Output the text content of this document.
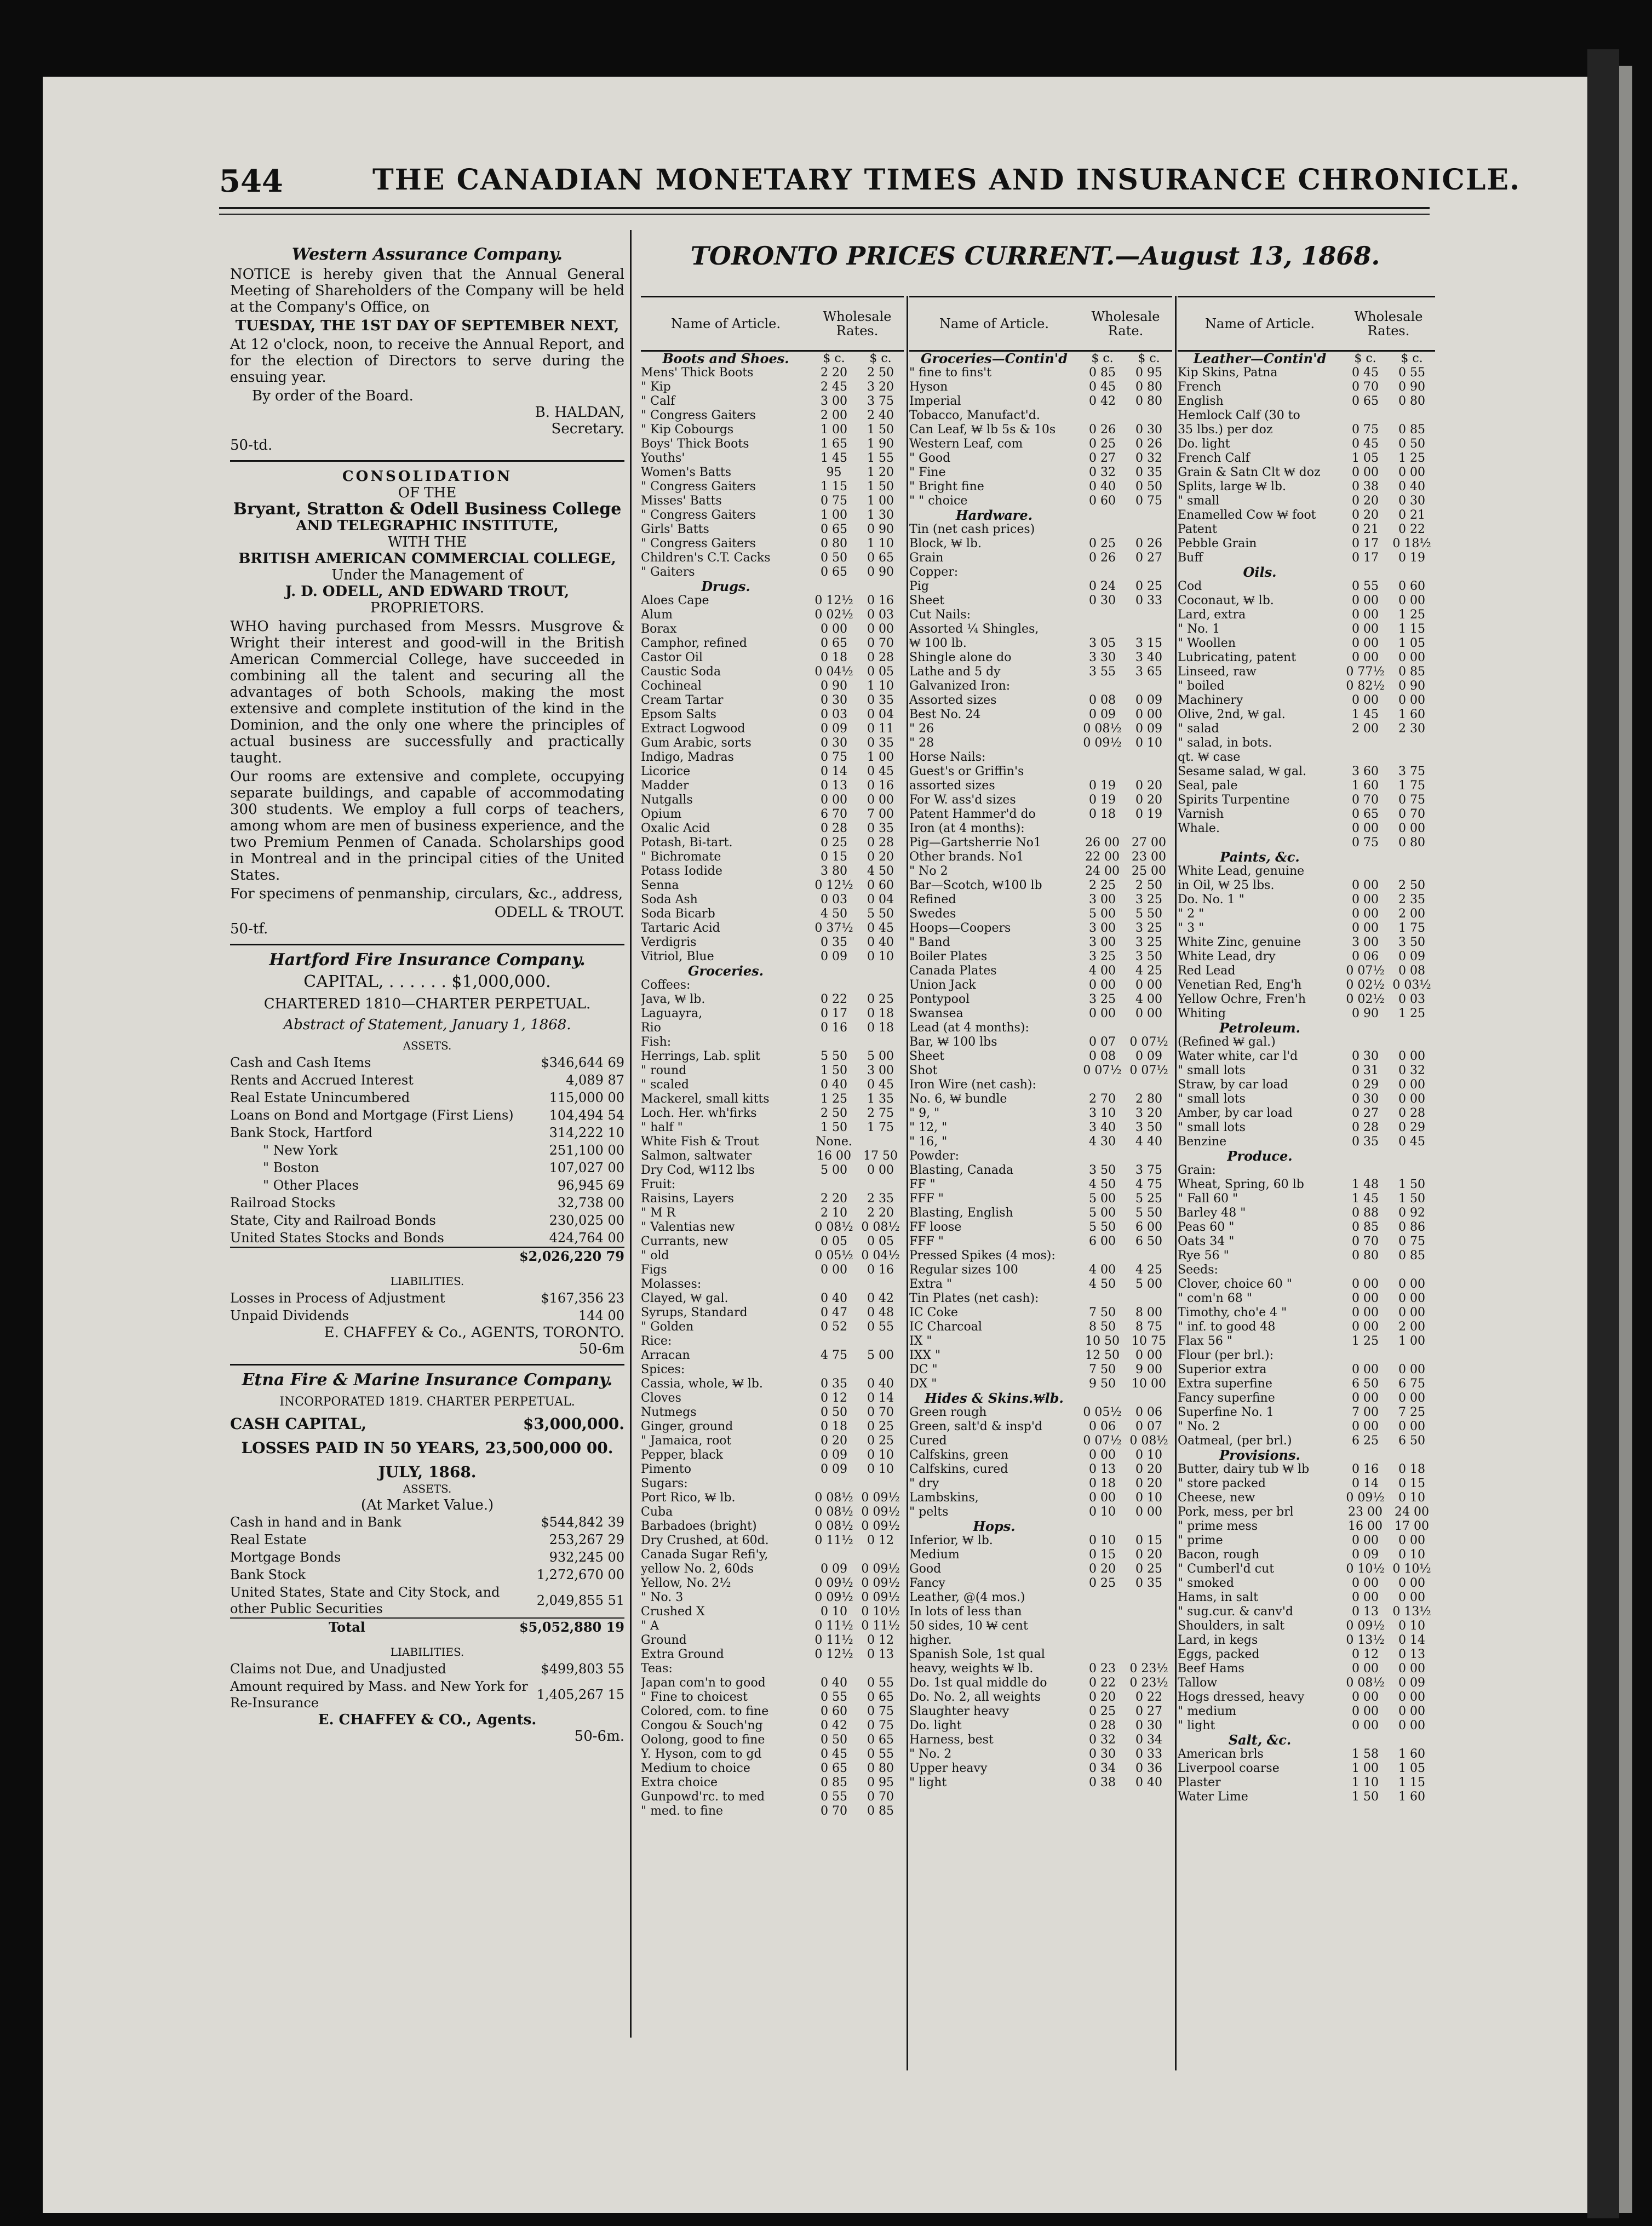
544	THE CANADIAN MONETARY TIMES AND INSURANCE CHRONICLE.
Western Assurance Company.

NOTICE is hereby given that the Annual General Meeting of Shareholders of the Company will be held at the Company's Office, on

TUESDAY, THE 1ST DAY OF SEPTEMBER NEXT,

At 12 o'clock, noon, to receive the Annual Report, and for the election of Directors to serve during the ensuing year.

By order of the Board.
B. HALDAN,
Secretary.
50-td.
CONSOLIDATION
OF THE
Bryant, Stratton & Odell Business College
AND TELEGRAPHIC INSTITUTE,
WITH THE
BRITISH AMERICAN COMMERCIAL COLLEGE,
Under the Management of
J. D. ODELL, AND EDWARD TROUT,
PROPRIETORS.

WHO having purchased from Messrs. Musgrove & Wright their interest and good-will in the British American Commercial College, have succeeded in combining all the talent and securing all the advantages of both Schools, making the most extensive and complete institution of the kind in the Dominion, and the only one where the principles of actual business are successfully and practically taught.

Our rooms are extensive and complete, occupying separate buildings, and capable of accommodating 300 students. We employ a full corps of teachers, among whom are men of business experience, and the two Premium Penmen of Canada. Scholarships good in Montreal and in the principal cities of the United States.

For specimens of penmanship, circulars, &c., address,

ODELL & TROUT.
50-tf.
Hartford Fire Insurance Company.
CAPITAL, . . . . . . $1,000,000.
CHARTERED 1810—CHARTER PERPETUAL.
Abstract of Statement, January 1, 1868.
ASSETS.
Cash and Cash Items	$346,644 69
Rents and Accrued Interest	4,089 87
Real Estate Unincumbered	115,000 00
Loans on Bond and Mortgage (First Liens)	104,494 54
Bank Stock, Hartford	314,222 10
" New York	251,100 00
" Boston	107,027 00
" Other Places	96,945 69
Railroad Stocks	32,738 00
State, City and Railroad Bonds	230,025 00
United States Stocks and Bonds	424,764 00
	$2,026,220 79
LIABILITIES.
Losses in Process of Adjustment	$167,356 23
Unpaid Dividends	144 00
E. CHAFFEY & Co., AGENTS, TORONTO.
50-6m
Etna Fire & Marine Insurance Company.
INCORPORATED 1819. CHARTER PERPETUAL.
CASH CAPITAL,	$3,000,000.
LOSSES PAID IN 50 YEARS, 23,500,000 00.
JULY, 1868.
ASSETS.
(At Market Value.)
Cash in hand and in Bank	$544,842 39
Real Estate	253,267 29
Mortgage Bonds	932,245 00
Bank Stock	1,272,670 00
United States, State and City Stock, and other Public Securities	2,049,855 51
Total	$5,052,880 19
LIABILITIES.
Claims not Due, and Unadjusted	$499,803 55
Amount required by Mass. and New York for Re-Insurance	1,405,267 15
E. CHAFFEY & CO., Agents.
50-6m.
TORONTO PRICES CURRENT.—August 13, 1868.
Name of Article.	Wholesale Rates.
Boots and Shoes.	$ c.	$ c.
Mens' Thick Boots	2 20	2 50
" Kip	2 45	3 20
" Calf	3 00	3 75
" Congress Gaiters	2 00	2 40
" Kip Cobourgs	1 00	1 50
Boys' Thick Boots	1 65	1 90
Youths'	1 45	1 55
Women's Batts	95	1 20
" Congress Gaiters	1 15	1 50
Misses' Batts	0 75	1 00
" Congress Gaiters	1 00	1 30
Girls' Batts	0 65	0 90
" Congress Gaiters	0 80	1 10
Children's C.T. Cacks	0 50	0 65
" Gaiters	0 65	0 90
Drugs.
Aloes Cape	0 12½	0 16
Alum	0 02½	0 03
Borax	0 00	0 00
Camphor, refined	0 65	0 70
Castor Oil	0 18	0 28
Caustic Soda	0 04½	0 05
Cochineal	0 90	1 10
Cream Tartar	0 30	0 35
Epsom Salts	0 03	0 04
Extract Logwood	0 09	0 11
Gum Arabic, sorts	0 30	0 35
Indigo, Madras	0 75	1 00
Licorice	0 14	0 45
Madder	0 13	0 16
Nutgalls	0 00	0 00
Opium	6 70	7 00
Oxalic Acid	0 28	0 35
Potash, Bi-tart.	0 25	0 28
" Bichromate	0 15	0 20
Potass Iodide	3 80	4 50
Senna	0 12½	0 60
Soda Ash	0 03	0 04
Soda Bicarb	4 50	5 50
Tartaric Acid	0 37½	0 45
Verdigris	0 35	0 40
Vitriol, Blue	0 09	0 10
Groceries.
Coffees:
Java, ₩ lb.	0 22	0 25
Laguayra,	0 17	0 18
Rio	0 16	0 18
Fish:
Herrings, Lab. split	5 50	5 00
" round	1 50	3 00
" scaled	0 40	0 45
Mackerel, small kitts	1 25	1 35
Loch. Her. wh'firks	2 50	2 75
" half "	1 50	1 75
White Fish & Trout	None.
Salmon, saltwater	16 00	17 50
Dry Cod, ₩112 lbs	5 00	0 00
Fruit:
Raisins, Layers	2 20	2 35
" M R	2 10	2 20
" Valentias new	0 08½ 0 08½
Currants, new	0 05	0 05
" old	0 05½ 0 04½
Figs	0 00	0 16
Molasses:
Clayed, ₩ gal.	0 40	0 42
Syrups, Standard	0 47	0 48
" Golden	0 52	0 55
Rice:
Arracan	4 75	5 00
Spices:
Cassia, whole, ₩ lb.	0 35	0 40
Cloves	0 12	0 14
Nutmegs	0 50	0 70
Ginger, ground	0 18	0 25
" Jamaica, root	0 20	0 25
Pepper, black	0 09	0 10
Pimento	0 09	0 10
Sugars:
Port Rico, ₩ lb.	0 08½ 0 09½
Cuba	0 08½ 0 09½
Barbadoes (bright)	0 08½ 0 09½
Dry Crushed, at 60d.	0 11½	0 12
Canada Sugar Refi'y,
yellow No. 2, 60ds	0 09	0 09½
Yellow, No. 2½	0 09½ 0 09½
" No. 3	0 09½ 0 09½
Crushed X	0 10	0 10½
" A	0 11½ 0 11½
Ground	0 11½	0 12
Extra Ground	0 12½	0 13
Teas:
Japan com'n to good	0 40	0 55
" Fine to choicest	0 55	0 65
Colored, com. to fine	0 60	0 75
Congou & Souch'ng	0 42	0 75
Oolong, good to fine	0 50	0 65
Y. Hyson, com to gd	0 45	0 55
Medium to choice	0 65	0 80
Extra choice	0 85	0 95
Gunpowd'rc. to med	0 55	0 70
" med. to fine	0 70	0 85
Name of Article.	Wholesale Rate.
Groceries—Contin'd	$ c.	$ c.
" fine to fins't	0 85	0 95
Hyson	0 45	0 80
Imperial	0 42	0 80
Tobacco, Manufact'd.
Can Leaf, ₩ lb 5s & 10s	0 26	0 30
Western Leaf, com	0 25	0 26
" Good	0 27	0 32
" Fine	0 32	0 35
" Bright fine	0 40	0 50
" " choice	0 60	0 75
Hardware.
Tin (net cash prices)
Block, ₩ lb.	0 25	0 26
Grain	0 26	0 27
Copper:
Pig	0 24	0 25
Sheet	0 30	0 33
Cut Nails:
Assorted ¼ Shingles,
₩ 100 lb.	3 05	3 15
Shingle alone do	3 30	3 40
Lathe and 5 dy	3 55	3 65
Galvanized Iron:
Assorted sizes	0 08	0 09
Best No. 24	0 09	0 00
" 26	0 08½	0 09
" 28	0 09½	0 10
Horse Nails:
Guest's or Griffin's
assorted sizes	0 19	0 20
For W. ass'd sizes	0 19	0 20
Patent Hammer'd do	0 18	0 19
Iron (at 4 months):
Pig—Gartsherrie No1	26 00	27 00
Other brands. No1	22 00	23 00
" No 2	24 00	25 00
Bar—Scotch, ₩100 lb	2 25	2 50
Refined	3 00	3 25
Swedes	5 00	5 50
Hoops—Coopers	3 00	3 25
" Band	3 00	3 25
Boiler Plates	3 25	3 50
Canada Plates	4 00	4 25
Union Jack	0 00	0 00
Pontypool	3 25	4 00
Swansea	0 00	0 00
Lead (at 4 months):
Bar, ₩ 100 lbs	0 07	0 07½
Sheet	0 08	0 09
Shot	0 07½ 0 07½
Iron Wire (net cash):
No. 6, ₩ bundle	2 70	2 80
" 9, "	3 10	3 20
" 12, "	3 40	3 50
" 16, "	4 30	4 40
Powder:
Blasting, Canada	3 50	3 75
FF "	4 50	4 75
FFF "	5 00	5 25
Blasting, English	5 00	5 50
FF loose	5 50	6 00
FFF "	6 00	6 50
Pressed Spikes (4 mos):
Regular sizes 100	4 00	4 25
Extra "	4 50	5 00
Tin Plates (net cash):
IC Coke	7 50	8 00
IC Charcoal	8 50	8 75
IX "	10 50	10 75
IXX "	12 50	0 00
DC "	7 50	9 00
DX "	9 50	10 00
Hides & Skins.₩lb.
Green rough	0 05½	0 06
Green, salt'd & insp'd	0 06	0 07
Cured	0 07½ 0 08½
Calfskins, green	0 00	0 10
Calfskins, cured	0 13	0 20
" dry	0 18	0 20
Lambskins,	0 00	0 10
" pelts	0 10	0 00
Hops.
Inferior, ₩ lb.	0 10	0 15
Medium	0 15	0 20
Good	0 20	0 25
Fancy	0 25	0 35
Leather, @(4 mos.)
In lots of less than
50 sides, 10 ₩ cent
higher.
Spanish Sole, 1st qual
heavy, weights ₩ lb.	0 23	0 23½
Do. 1st qual middle do	0 22	0 23½
Do. No. 2, all weights	0 20	0 22
Slaughter heavy	0 25	0 27
Do. light	0 28	0 30
Harness, best	0 32	0 34
" No. 2	0 30	0 33
Upper heavy	0 34	0 36
" light	0 38	0 40
Name of Article.	Wholesale Rates.
Leather—Contin'd	$ c.	$ c.
Kip Skins, Patna	0 45	0 55
French	0 70	0 90
English	0 65	0 80
Hemlock Calf (30 to
35 lbs.) per doz	0 75	0 85
Do. light	0 45	0 50
French Calf	1 05	1 25
Grain & Satn Clt ₩ doz	0 00	0 00
Splits, large ₩ lb.	0 38	0 40
" small	0 20	0 30
Enamelled Cow ₩ foot	0 20	0 21
Patent	0 21	0 22
Pebble Grain	0 17	0 18½
Buff	0 17	0 19
Oils.
Cod	0 55	0 60
Coconaut, ₩ lb.	0 00	0 00
Lard, extra	0 00	1 25
" No. 1	0 00	1 15
" Woollen	0 00	1 05
Lubricating, patent	0 00	0 00
Linseed, raw	0 77½	0 85
" boiled	0 82½	0 90
Machinery	0 00	0 00
Olive, 2nd, ₩ gal.	1 45	1 60
" salad	2 00	2 30
" salad, in bots.
qt. ₩ case
Sesame salad, ₩ gal.	3 60	3 75
Seal, pale	1 60	1 75
Spirits Turpentine	0 70	0 75
Varnish	0 65	0 70
Whale.	0 00	0 00
0 75	0 80
Paints, &c.
White Lead, genuine
in Oil, ₩ 25 lbs.	0 00	2 50
Do. No. 1 "	0 00	2 35
" 2 "	0 00	2 00
" 3 "	0 00	1 75
White Zinc, genuine	3 00	3 50
White Lead, dry	0 06	0 09
Red Lead	0 07½	0 08
Venetian Red, Eng'h	0 02½ 0 03½
Yellow Ochre, Fren'h	0 02½	0 03
Whiting	0 90	1 25
Petroleum.
(Refined ₩ gal.)
Water white, car l'd	0 30	0 00
" small lots	0 31	0 32
Straw, by car load	0 29	0 00
" small lots	0 30	0 00
Amber, by car load	0 27	0 28
" small lots	0 28	0 29
Benzine	0 35	0 45
Produce.
Grain:
Wheat, Spring, 60 lb	1 48	1 50
" Fall 60 "	1 45	1 50
Barley 48 "	0 88	0 92
Peas 60 "	0 85	0 86
Oats 34 "	0 70	0 75
Rye 56 "	0 80	0 85
Seeds:
Clover, choice 60 "	0 00	0 00
" com'n 68 "	0 00	0 00
Timothy, cho'e 4 "	0 00	0 00
" inf. to good 48	0 00	2 00
Flax 56 "	1 25	1 00
Flour (per brl.):
Superior extra	0 00	0 00
Extra superfine	6 50	6 75
Fancy superfine	0 00	0 00
Superfine No. 1	7 00	7 25
" No. 2	0 00	0 00
Oatmeal, (per brl.)	6 25	6 50
Provisions.
Butter, dairy tub ₩ lb	0 16	0 18
" store packed	0 14	0 15
Cheese, new	0 09½	0 10
Pork, mess, per brl	23 00	24 00
" prime mess	16 00	17 00
" prime	0 00	0 00
Bacon, rough	0 09	0 10
" Cumberl'd cut	0 10½ 0 10½
" smoked	0 00	0 00
Hams, in salt	0 00	0 00
" sug.cur. & canv'd	0 13	0 13½
Shoulders, in salt	0 09½	0 10
Lard, in kegs	0 13½	0 14
Eggs, packed	0 12	0 13
Beef Hams	0 00	0 00
Tallow	0 08½	0 09
Hogs dressed, heavy	0 00	0 00
" medium	0 00	0 00
" light	0 00	0 00
Salt, &c.
American brls	1 58	1 60
Liverpool coarse	1 00	1 05
Plaster	1 10	1 15
Water Lime	1 50	1 60
